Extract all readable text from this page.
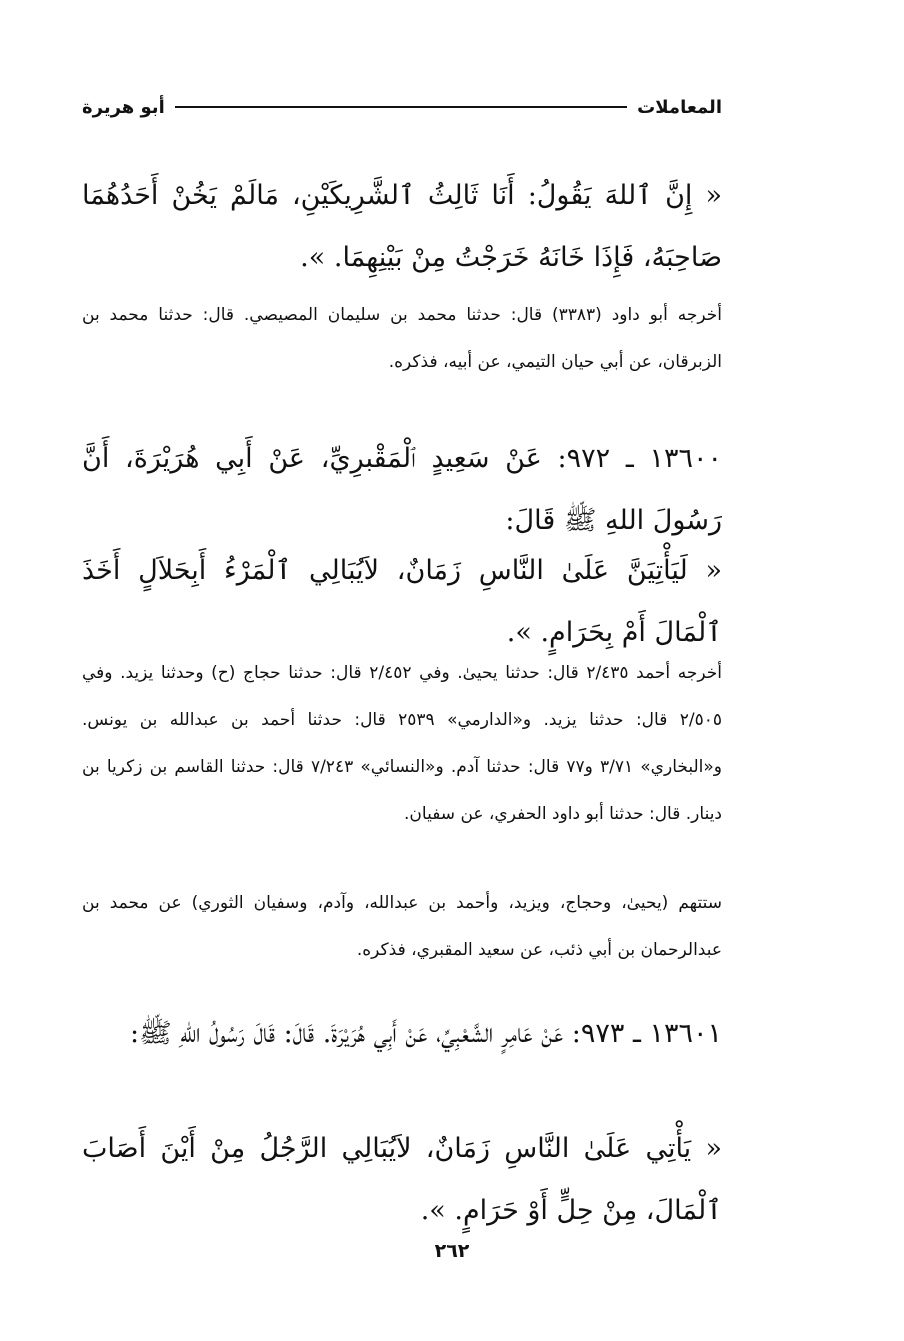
المعاملات
أبو هريرة
« إِنَّ ٱللهَ يَقُولُ: أَنَا ثَالِثُ ٱلشَّرِيكَيْنِ، مَالَمْ يَخُنْ أَحَدُهُمَا صَاحِبَهُ، فَإِذَا خَانَهُ خَرَجْتُ مِنْ بَيْنِهِمَا. ».
أخرجه أبو داود (٣٣٨٣) قال: حدثنا محمد بن سليمان المصيصي. قال: حدثنا محمد بن الزبرقان، عن أبي حيان التيمي، عن أبيه، فذكره.
١٣٦٠٠ ـ ٩٧٢: عَنْ سَعِيدٍ ٱلْمَقْبرِيِّ، عَنْ أَبِي هُرَيْرَةَ، أَنَّ رَسُولَ اللهِ ﷺ قَالَ:
« لَيَأْتِيَنَّ عَلَىٰ النَّاسِ زَمَانٌ، لاَيُبَالِي ٱلْمَرْءُ أَبِحَلاَلٍ أَخَذَ ٱلْمَالَ أَمْ بِحَرَامٍ. ».
أخرجه أحمد ٢/٤٣٥ قال: حدثنا يحيىٰ. وفي ٢/٤٥٢ قال: حدثنا حجاج (ح) وحدثنا يزيد. وفي ٢/٥٠٥ قال: حدثنا يزيد. و«الدارمي» ٢٥٣٩ قال: حدثنا أحمد بن عبدالله بن يونس. و«البخاري» ٣/٧١ و٧٧ قال: حدثنا آدم. و«النسائي» ٧/٢٤٣ قال: حدثنا القاسم بن زكريا بن دينار. قال: حدثنا أبو داود الحفري، عن سفيان.
ستتهم (يحيىٰ، وحجاج، ويزيد، وأحمد بن عبدالله، وآدم، وسفيان الثوري) عن محمد بن عبدالرحمان بن أبي ذئب، عن سعيد المقبري، فذكره.
١٣٦٠١ ـ ٩٧٣: عَنْ عَامِرٍ الشَّعْبِيِّ، عَنْ أَبِي هُرَيْرَةَ. قَالَ: قَالَ رَسُولُ اللهِ ﷺ:
« يَأْتِي عَلَىٰ النَّاسِ زَمَانٌ، لاَيُبَالِي الرَّجُلُ مِنْ أَيْنَ أَصَابَ ٱلْمَالَ، مِنْ حِلٍّ أَوْ حَرَامٍ. ».
٢٦٢
